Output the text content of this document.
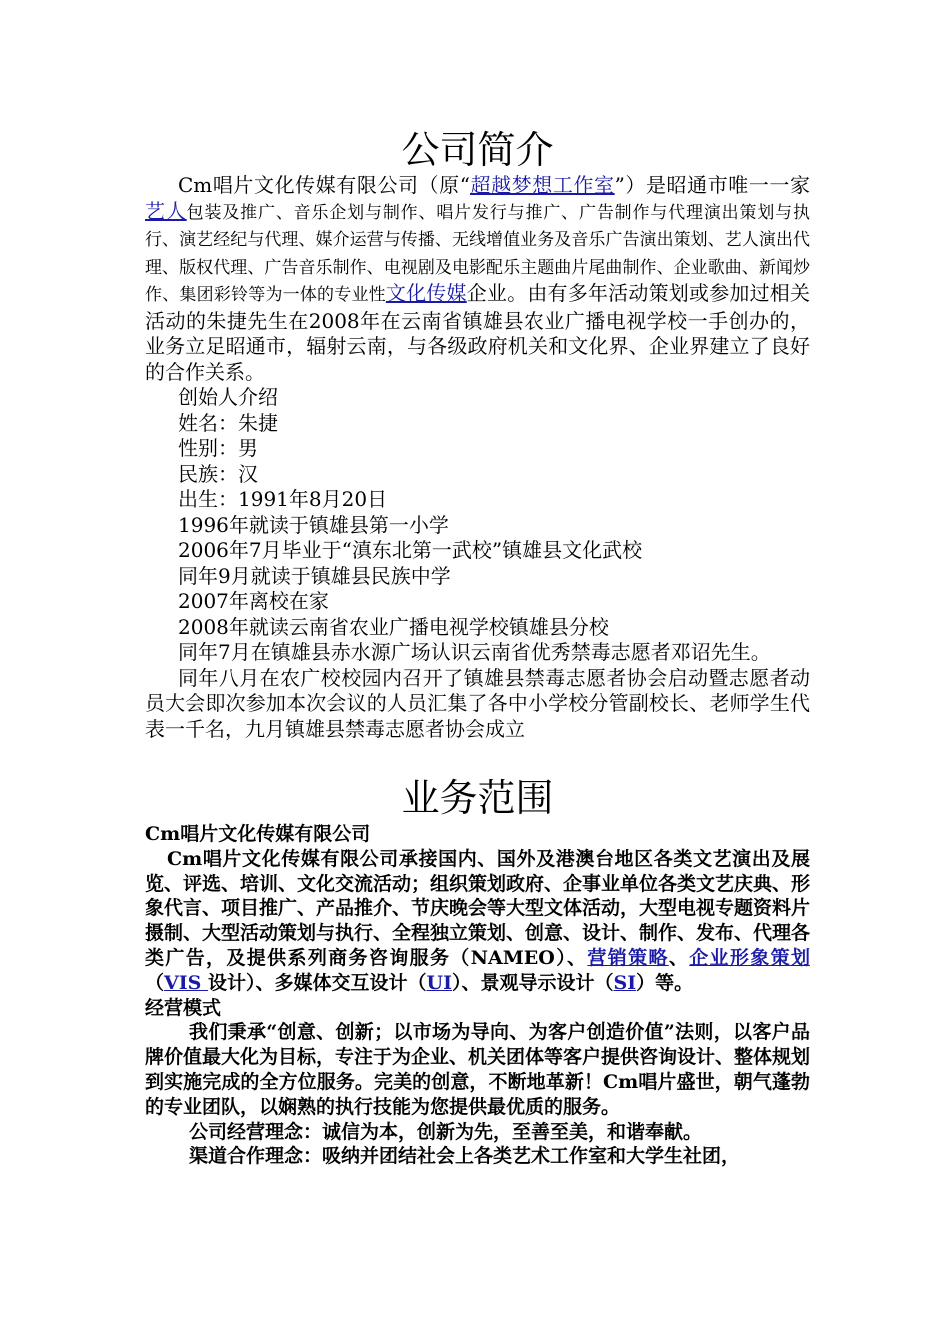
公司简介

Cm唱片文化传媒有限公司（原“超越梦想工作室”）是昭通市唯一一家艺人包装及推广、音乐企划与制作、唱片发行与推广、广告制作与代理演出策划与执行、演艺经纪与代理、媒介运营与传播、无线增值业务及音乐广告演出策划、艺人演出代理、版权代理、广告音乐制作、电视剧及电影配乐主题曲片尾曲制作、企业歌曲、新闻炒作、集团彩铃等为一体的专业性文化传媒企业。由有多年活动策划或参加过相关活动的朱捷先生在2008年在云南省镇雄县农业广播电视学校一手创办的，业务立足昭通市，辐射云南，与各级政府机关和文化界、企业界建立了良好的合作关系。

创始人介绍

姓名：朱捷

性别：男

民族：汉

出生：1991年8月20日

1996年就读于镇雄县第一小学

2006年7月毕业于“滇东北第一武校”镇雄县文化武校

同年9月就读于镇雄县民族中学

2007年离校在家

2008年就读云南省农业广播电视学校镇雄县分校

同年7月在镇雄县赤水源广场认识云南省优秀禁毒志愿者邓诏先生。

同年八月在农广校校园内召开了镇雄县禁毒志愿者协会启动暨志愿者动员大会即次参加本次会议的人员汇集了各中小学校分管副校长、老师学生代表一千名，九月镇雄县禁毒志愿者协会成立

业务范围

Cm唱片文化传媒有限公司

Cm唱片文化传媒有限公司承接国内、国外及港澳台地区各类文艺演出及展览、评选、培训、文化交流活动；组织策划政府、企事业单位各类文艺庆典、形象代言、项目推广、产品推介、节庆晚会等大型文体活动，大型电视专题资料片摄制、大型活动策划与执行、全程独立策划、创意、设计、制作、发布、代理各类广告，及提供系列商务咨询服务（NAMEO）、营销策略、企业形象策划（VIS 设计）、多媒体交互设计（UI）、景观导示设计（SI）等。

经营模式

我们秉承“创意、创新；以市场为导向、为客户创造价值”法则，以客户品牌价值最大化为目标，专注于为企业、机关团体等客户提供咨询设计、整体规划到实施完成的全方位服务。完美的创意，不断地革新！Cm唱片盛世，朝气蓬勃的专业团队，以娴熟的执行技能为您提供最优质的服务。

公司经营理念：诚信为本，创新为先，至善至美，和谐奉献。

渠道合作理念：吸纳并团结社会上各类艺术工作室和大学生社团，
